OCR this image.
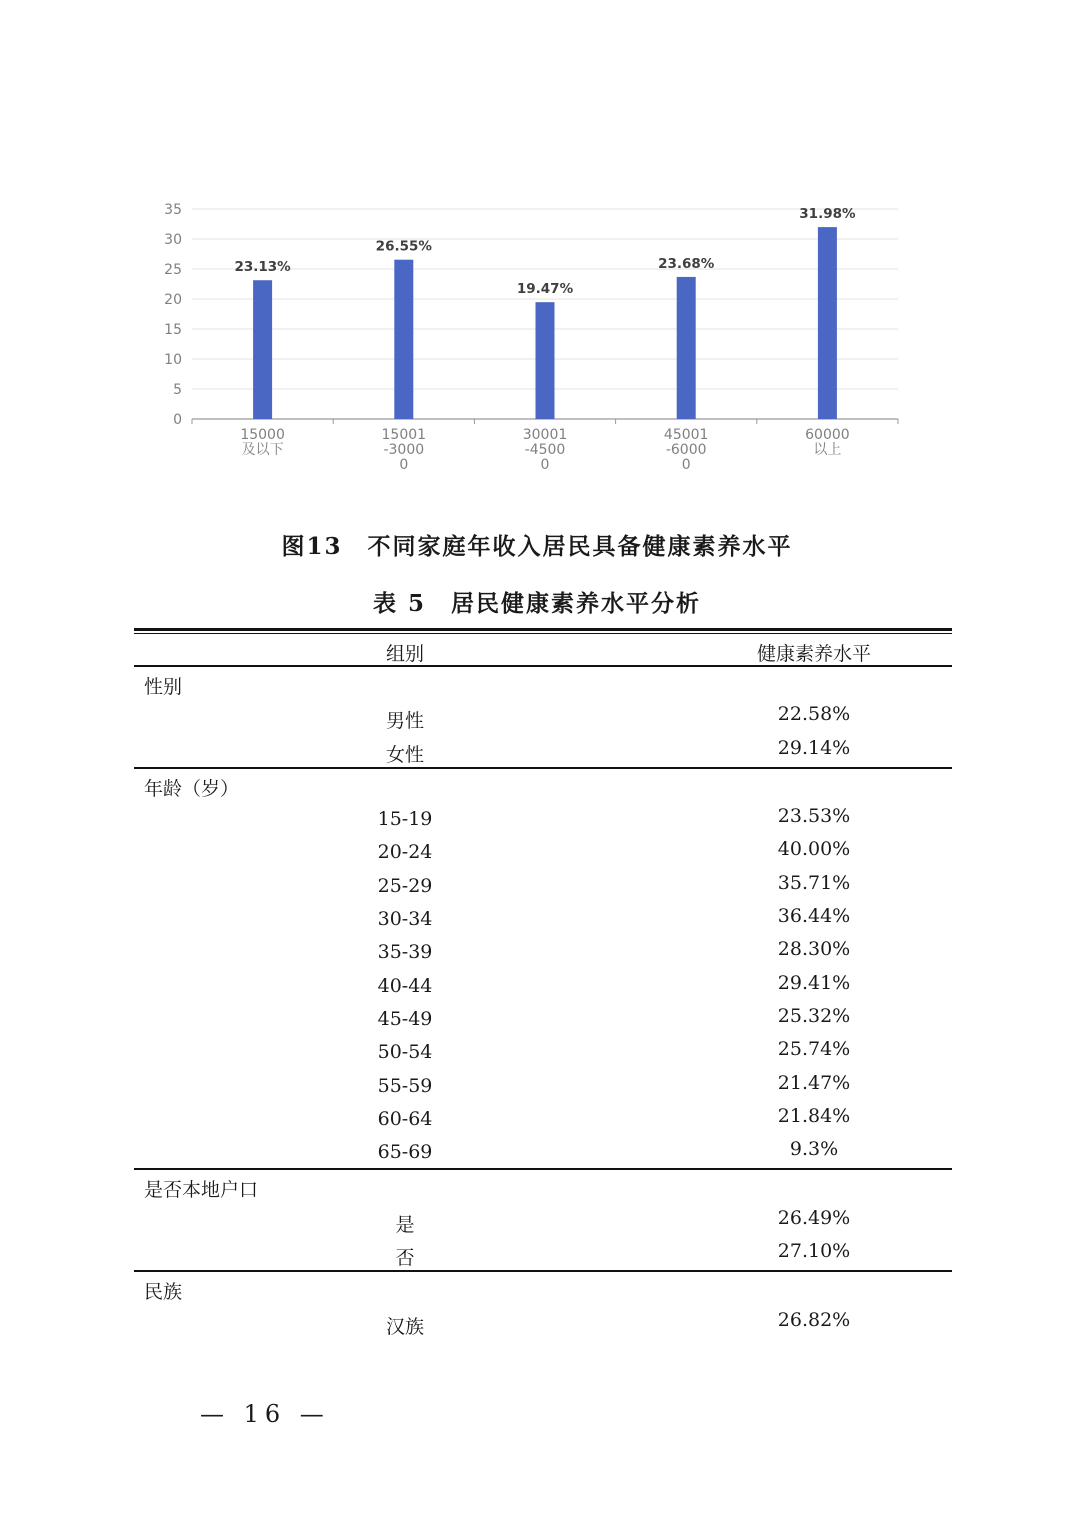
0
5
10
15
20
25
30
35
23.13%
15000
及以下
26.55%
15001
-3000
0
19.47%
30001
-4500
0
23.68%
45001
-6000
0
31.98%
60000
以上
图13　不同家庭年收入居民具备健康素养水平
表 5　居民健康素养水平分析
组别	健康素养水平
性别
男性	22.58%
女性	29.14%
年龄（岁）
15-19	23.53%
20-24	40.00%
25-29	35.71%
30-34	36.44%
35-39	28.30%
40-44	29.41%
45-49	25.32%
50-54	25.74%
55-59	21.47%
60-64	21.84%
65-69	9.3%
是否本地户口
是	26.49%
否	27.10%
民族
汉族	26.82%
— 16 —
